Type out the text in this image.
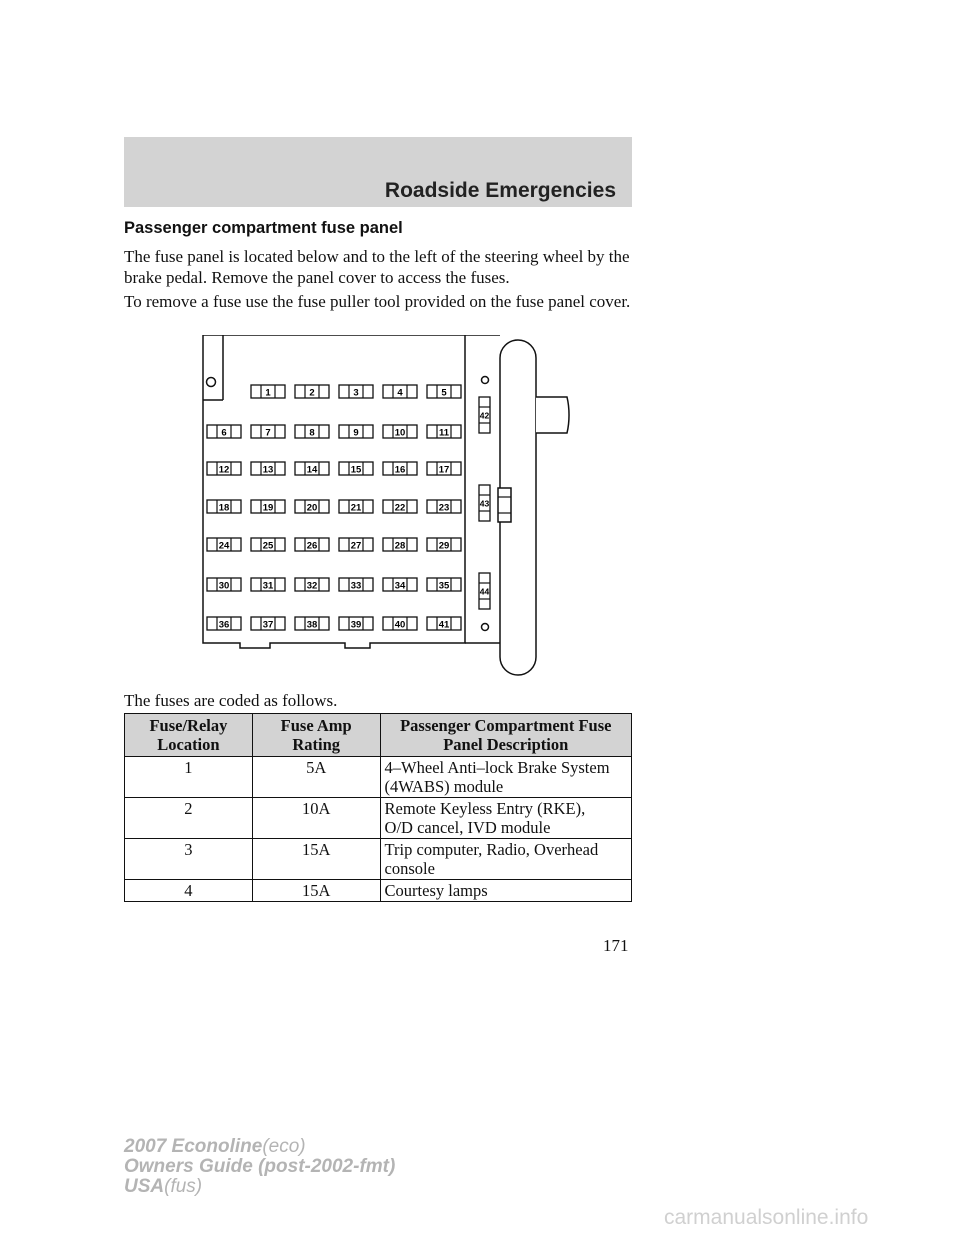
Roadside Emergencies
Passenger compartment fuse panel

The fuse panel is located below and to the left of the steering wheel by the brake pedal. Remove the panel cover to access the fuses.

To remove a fuse use the fuse puller tool provided on the fuse panel cover.

1	2	3	4	5
6	7	8	9	10	11
12	13	14	15	16	17
18	19	20	21	22	23
24	25	26	27	28	29
30	31	32	33	34	35
36	37	38	39	40	41
42
43
44

The fuses are coded as follows.

Fuse/Relay Location	Fuse Amp Rating	Passenger Compartment Fuse Panel Description
1	5A	4–Wheel Anti–lock Brake System
(4WABS) module

2	10A	Remote Keyless Entry (RKE),
O/D cancel, IVD module

3	15A	Trip computer, Radio, Overhead
console

4	15A	Courtesy lamps
171
2007 Econoline(eco)
Owners Guide (post-2002-fmt)
USA(fus)
carmanualsonline.info
